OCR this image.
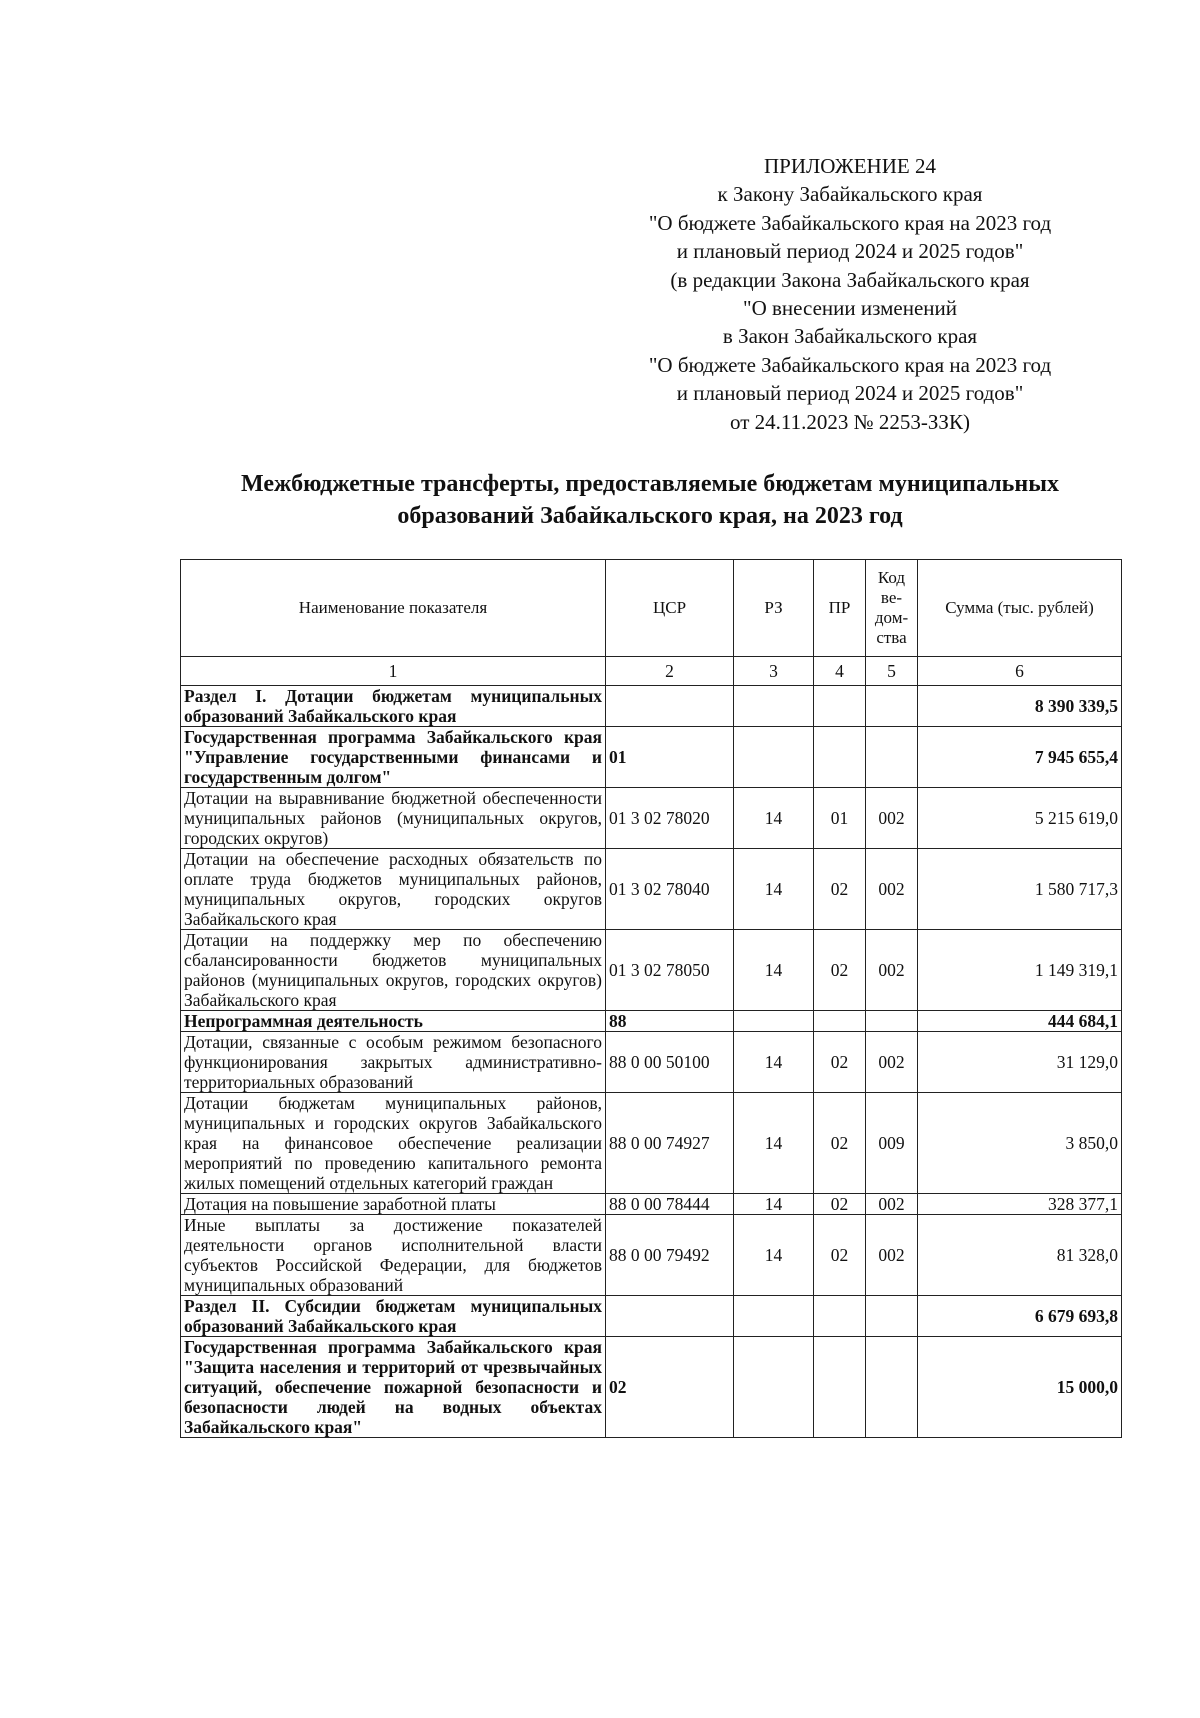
ПРИЛОЖЕНИЕ 24
к Закону Забайкальского края
"О бюджете Забайкальского края на 2023 год
и плановый период 2024 и 2025 годов"
(в редакции Закона Забайкальского края
"О внесении изменений
в Закон Забайкальского края
"О бюджете Забайкальского края на 2023 год
и плановый период 2024 и 2025 годов"
от 24.11.2023 № 2253-ЗЗК)
Межбюджетные трансферты, предоставляемые бюджетам муниципальных
образований Забайкальского края, на 2023 год
Наименование показателя	ЦСР	РЗ	ПР	Код ве-дом-ства	Сумма (тыс. рублей)
1	2	3	4	5	6
Раздел I. Дотации бюджетам муниципальных образований Забайкальского края					8 390 339,5
Государственная программа Забайкальского края "Управление государственными финансами и государственным долгом"	01				7 945 655,4
Дотации на выравнивание бюджетной обеспеченности муниципальных районов (муниципальных округов, городских округов)	01 3 02 78020	14	01	002	5 215 619,0
Дотации на обеспечение расходных обязательств по оплате труда бюджетов муниципальных районов, муниципальных округов, городских округов Забайкальского края	01 3 02 78040	14	02	002	1 580 717,3
Дотации на поддержку мер по обеспечению сбалансированности бюджетов муниципальных районов (муниципальных округов, городских округов) Забайкальского края	01 3 02 78050	14	02	002	1 149 319,1
Непрограммная деятельность	88				444 684,1
Дотации, связанные с особым режимом безопасного функционирования закрытых административно-территориальных образований	88 0 00 50100	14	02	002	31 129,0
Дотации бюджетам муниципальных районов, муниципальных и городских округов Забайкальского края на финансовое обеспечение реализации мероприятий по проведению капитального ремонта жилых помещений отдельных категорий граждан	88 0 00 74927	14	02	009	3 850,0
Дотация на повышение заработной платы	88 0 00 78444	14	02	002	328 377,1
Иные выплаты за достижение показателей деятельности органов исполнительной власти субъектов Российской Федерации, для бюджетов муниципальных образований	88 0 00 79492	14	02	002	81 328,0
Раздел II. Субсидии бюджетам муниципальных образований Забайкальского края					6 679 693,8
Государственная программа Забайкальского края "Защита населения и территорий от чрезвычайных ситуаций, обеспечение пожарной безопасности и безопасности людей на водных объектах Забайкальского края"	02				15 000,0
